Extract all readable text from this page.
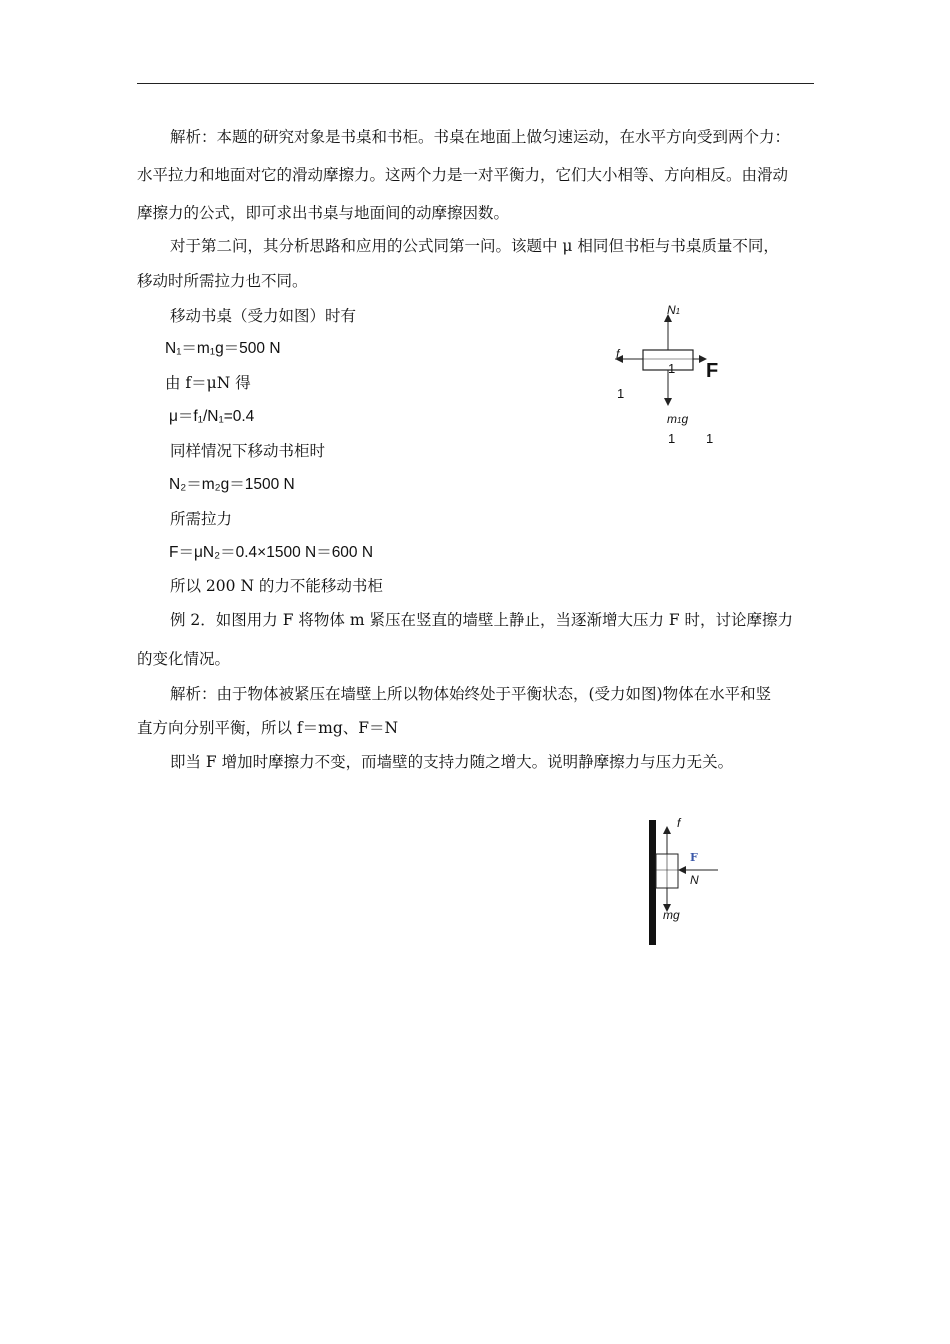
解析：本题的研究对象是书桌和书柜。书桌在地面上做匀速运动，在水平方向受到两个力：
水平拉力和地面对它的滑动摩擦力。这两个力是一对平衡力，它们大小相等、方向相反。由滑动
摩擦力的公式，即可求出书桌与地面间的动摩擦因数。
对于第二问，其分析思路和应用的公式同第一问。该题中 μ 相同但书柜与书桌质量不同，
移动时所需拉力也不同。
移动书桌（受力如图）时有
N₁＝m₁g＝500 N
由 f＝μN 得
μ＝f₁/N₁=0.4
同样情况下移动书柜时
N₂＝m₂g＝1500 N
所需拉力
F＝μN₂＝0.4×1500 N＝600 N
所以 200 N 的力不能移动书柜
例 2．如图用力 F 将物体 m 紧压在竖直的墙壁上静止，当逐渐增大压力 F 时，讨论摩擦力
的变化情况。
解析：由于物体被紧压在墙壁上所以物体始终处于平衡状态，(受力如图)物体在水平和竖
直方向分别平衡，所以 f＝mg、F＝N
即当 F 增加时摩擦力不变，而墙壁的支持力随之增大。说明静摩擦力与压力无关。
N1
f
F
1
1
m1g
1 1
f
F
N
mg
